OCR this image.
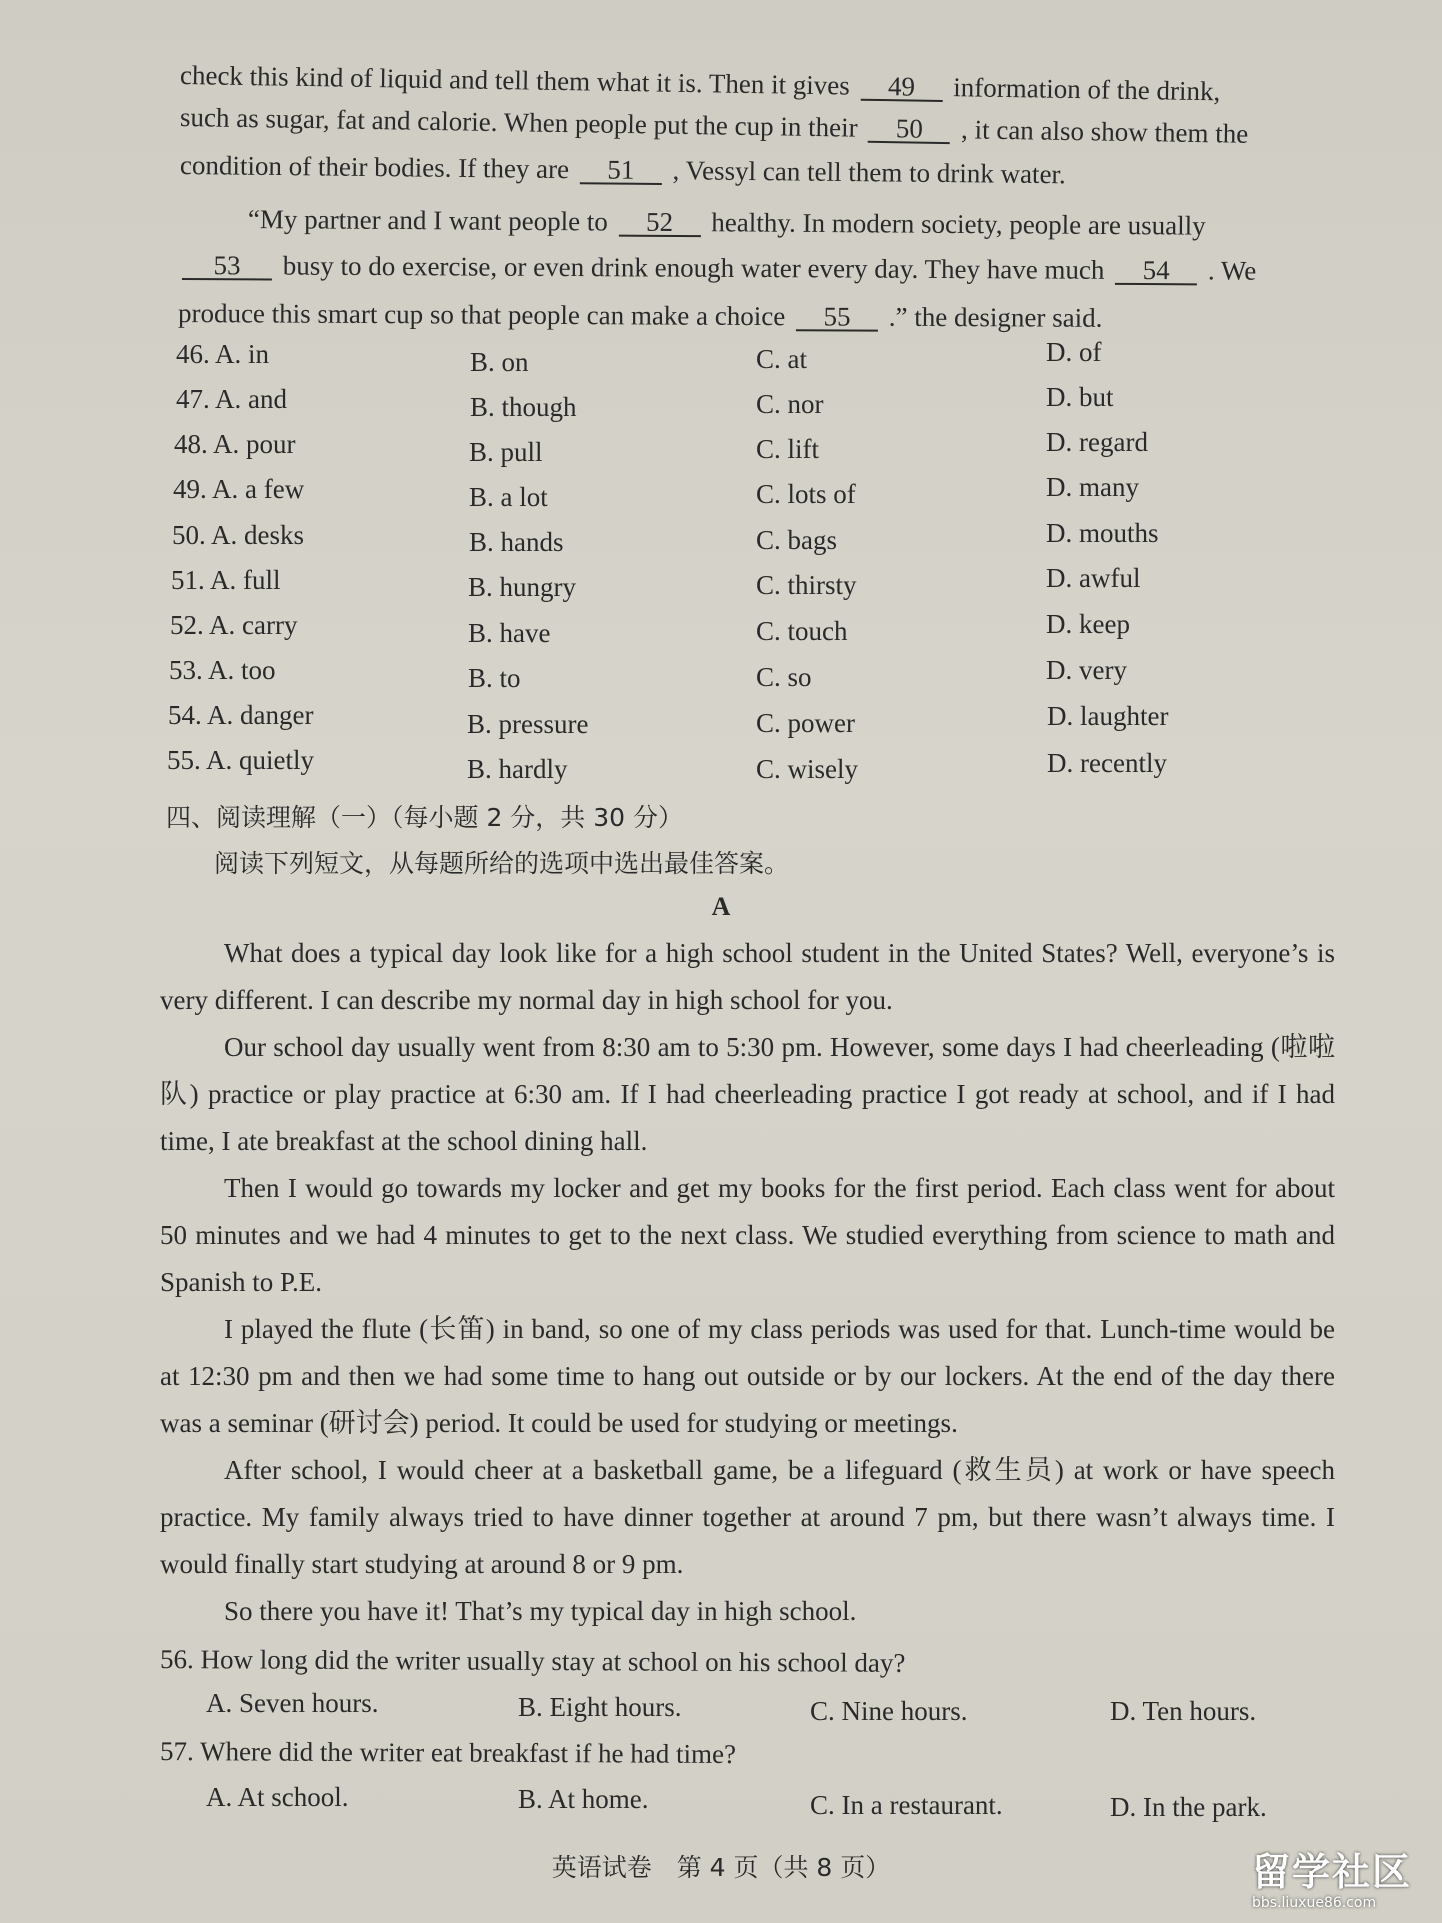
check this kind of liquid and tell them what it is. Then it gives 49 information of the drink,
such as sugar, fat and calorie. When people put the cup in their 50 , it can also show them the
condition of their bodies. If they are 51 , Vessyl can tell them to drink water.
“My partner and I want people to 52 healthy. In modern society, people are usually
53 busy to do exercise, or even drink enough water every day. They have much 54 . We
produce this smart cup so that people can make a choice 55 .” the designer said.
46. A. in	B. on	C. at	D. of
47. A. and	B. though	C. nor	D. but
48. A. pour	B. pull	C. lift	D. regard
49. A. a few	B. a lot	C. lots of	D. many
50. A. desks	B. hands	C. bags	D. mouths
51. A. full	B. hungry	C. thirsty	D. awful
52. A. carry	B. have	C. touch	D. keep
53. A. too	B. to	C. so	D. very
54. A. danger	B. pressure	C. power	D. laughter
55. A. quietly	B. hardly	C. wisely	D. recently
四、阅读理解（一）（每小题 2 分，共 30 分）
阅读下列短文，从每题所给的选项中选出最佳答案。
A
What does a typical day look like for a high school student in the United States? Well, everyone’s is very different. I can describe my normal day in high school for you.
Our school day usually went from 8:30 am to 5:30 pm. However, some days I had cheerleading (啦啦队) practice or play practice at 6:30 am. If I had cheerleading practice I got ready at school, and if I had time, I ate breakfast at the school dining hall.
Then I would go towards my locker and get my books for the first period. Each class went for about 50 minutes and we had 4 minutes to get to the next class. We studied everything from science to math and Spanish to P.E.
I played the flute (长笛) in band, so one of my class periods was used for that. Lunch-time would be at 12:30 pm and then we had some time to hang out outside or by our lockers. At the end of the day there was a seminar (研讨会) period. It could be used for studying or meetings.
After school, I would cheer at a basketball game, be a lifeguard (救生员) at work or have speech practice. My family always tried to have dinner together at around 7 pm, but there wasn’t always time. I would finally start studying at around 8 or 9 pm.
So there you have it! That’s my typical day in high school.
56. How long did the writer usually stay at school on his school day?
A. Seven hours.	B. Eight hours.	C. Nine hours.	D. Ten hours.
57. Where did the writer eat breakfast if he had time?
A. At school.	B. At home.	C. In a restaurant.	D. In the park.
英语试卷　第 4 页（共 8 页）	留学社区
bbs.liuxue86.com
